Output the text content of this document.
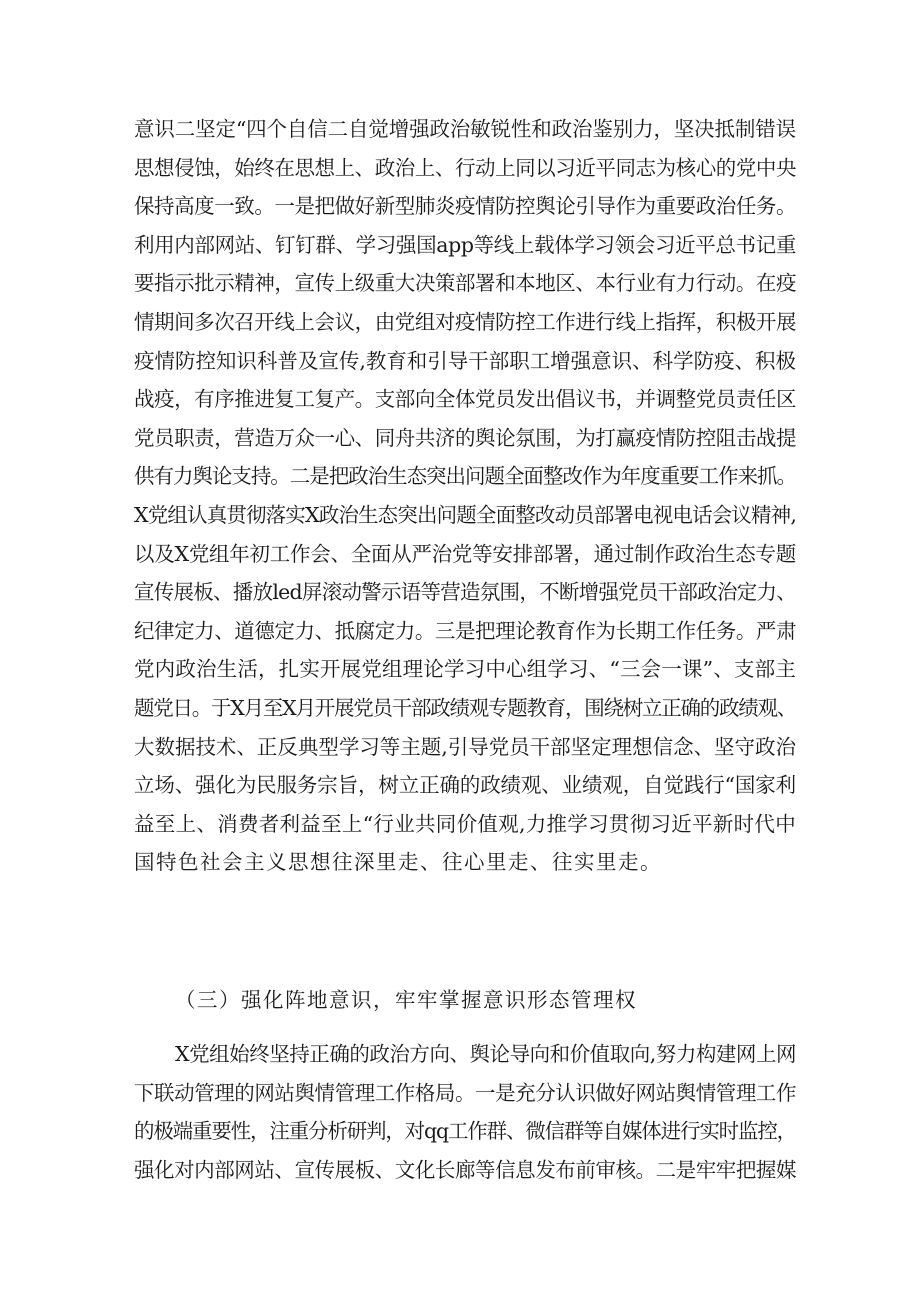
意识二坚定“四个自信二自觉增强政治敏锐性和政治鉴别力，坚决抵制错误
思想侵蚀，始终在思想上、政治上、行动上同以习近平同志为核心的党中央
保持高度一致。一是把做好新型肺炎疫情防控舆论引导作为重要政治任务。
利用内部网站、钉钉群、学习强国app等线上载体学习领会习近平总书记重
要指示批示精神，宣传上级重大决策部署和本地区、本行业有力行动。在疫
情期间多次召开线上会议，由党组对疫情防控工作进行线上指挥，积极开展
疫情防控知识科普及宣传,教育和引导干部职工增强意识、科学防疫、积极
战疫，有序推进复工复产。支部向全体党员发出倡议书，并调整党员责任区
党员职责，营造万众一心、同舟共济的舆论氛围，为打赢疫情防控阻击战提
供有力舆论支持。二是把政治生态突出问题全面整改作为年度重要工作来抓。
X党组认真贯彻落实X政治生态突出问题全面整改动员部署电视电话会议精神,
以及X党组年初工作会、全面从严治党等安排部署，通过制作政治生态专题
宣传展板、播放led屏滚动警示语等营造氛围，不断增强党员干部政治定力、
纪律定力、道德定力、抵腐定力。三是把理论教育作为长期工作任务。严肃
党内政治生活，扎实开展党组理论学习中心组学习、“三会一课”、支部主
题党日。于X月至X月开展党员干部政绩观专题教育，围绕树立正确的政绩观、
大数据技术、正反典型学习等主题,引导党员干部坚定理想信念、坚守政治
立场、强化为民服务宗旨，树立正确的政绩观、业绩观，自觉践行“国家利
益至上、消费者利益至上“行业共同价值观,力推学习贯彻习近平新时代中
国特色社会主义思想往深里走、往心里走、往实里走。
（三）强化阵地意识，牢牢掌握意识形态管理权
X党组始终坚持正确的政治方向、舆论导向和价值取向,努力构建网上网
下联动管理的网站舆情管理工作格局。一是充分认识做好网站舆情管理工作
的极端重要性，注重分析研判，对qq工作群、微信群等自媒体进行实时监控，
强化对内部网站、宣传展板、文化长廊等信息发布前审核。二是牢牢把握媒
